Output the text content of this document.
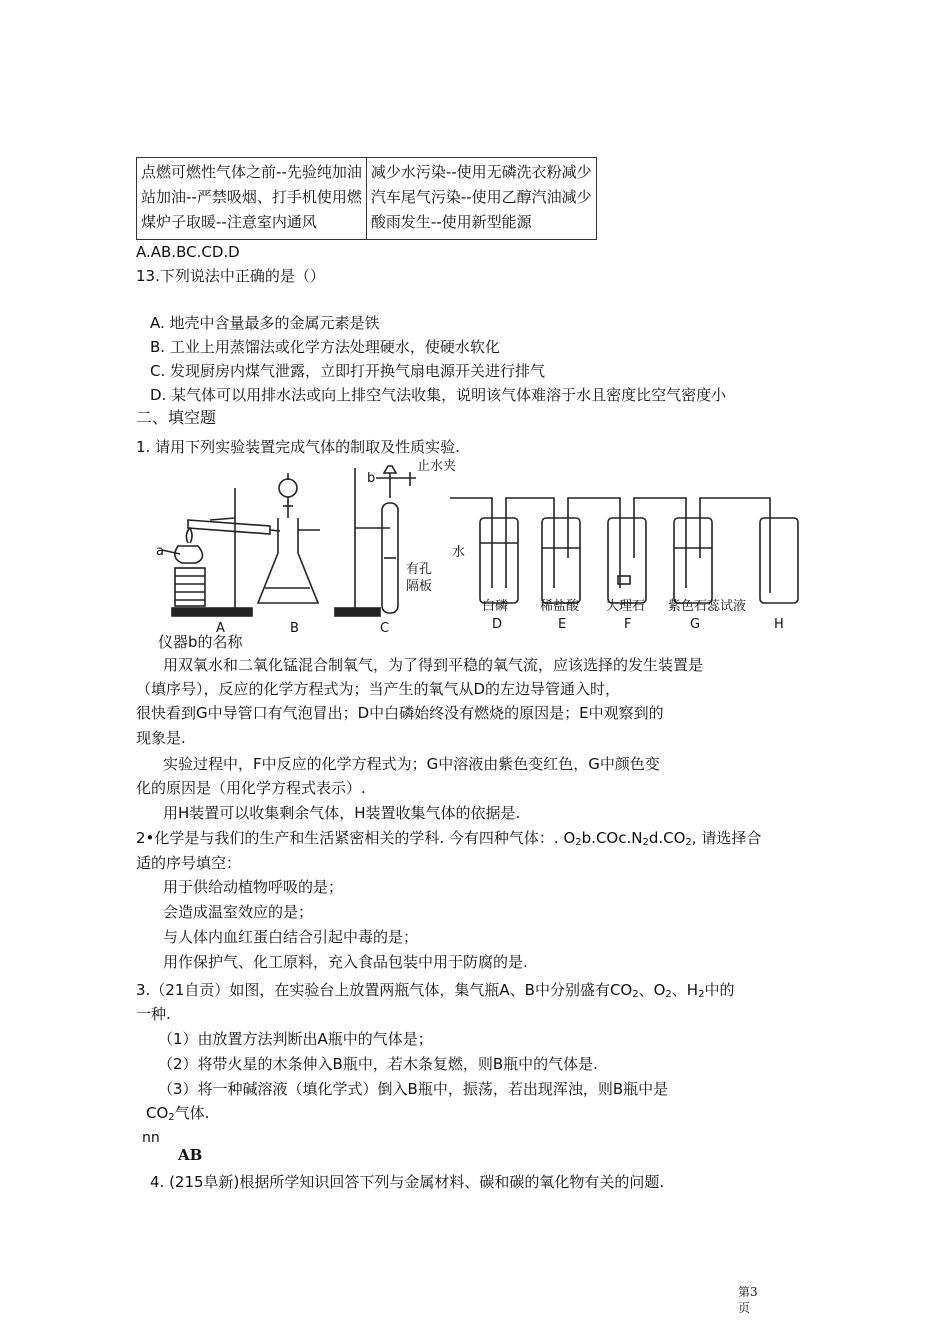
点燃可燃性气体之前--先验纯加油
站加油--严禁吸烟、打手机使用燃
煤炉子取暖--注意室内通风

减少水污染--使用无磷洗衣粉减少
汽车尾气污染--使用乙醇汽油减少
酸雨发生--使用新型能源
A.AB.BC.CD.D
13.下列说法中正确的是（）
A. 地壳中含量最多的金属元素是铁
B. 工业上用蒸馏法或化学方法处理硬水，使硬水软化
C. 发现厨房内煤气泄露，立即打开换气扇电源开关进行排气
D. 某气体可以用排水法或向上排空气法收集，说明该气体难溶于水且密度比空气密度小
二、填空题
1. 请用下列实验装置完成气体的制取及性质实验.
止水夹
a
b
水
有孔
隔板
A	B	C	D	E	F	G	H
白磷 稀盐酸 大理石 紫色石蕊试液
仪器b的名称
用双氧水和二氧化锰混合制氧气，为了得到平稳的氧气流，应该选择的发生装置是
（填序号），反应的化学方程式为；当产生的氧气从D的左边导管通入时，
很快看到G中导管口有气泡冒出；D中白磷始终没有燃烧的原因是；E中观察到的
现象是.
实验过程中，F中反应的化学方程式为；G中溶液由紫色变红色，G中颜色变
化的原因是（用化学方程式表示）.
用H装置可以收集剩余气体，H装置收集气体的依据是.
2•化学是与我们的生产和生活紧密相关的学科. 今有四种气体：. $O_2b.COc.N_2d.CO_2$, 请选择合
适的序号填空：
用于供给动植物呼吸的是；
会造成温室效应的是；
与人体内血红蛋白结合引起中毒的是；
用作保护气、化工原料，充入食品包装中用于防腐的是.
3.（21自贡）如图，在实验台上放置两瓶气体，集气瓶A、B中分别盛有$CO_2$、$O_2$、$H_2$中的
一种.
（1）由放置方法判断出A瓶中的气体是；
（2）将带火星的木条伸入B瓶中，若木条复燃，则B瓶中的气体是.
（3）将一种碱溶液（填化学式）倒入B瓶中，振荡，若出现浑浊，则B瓶中是
$CO_2$气体.
nn
AB
4. (215阜新)根据所学知识回答下列与金属材料、碳和碳的氧化物有关的问题.
第3
页
